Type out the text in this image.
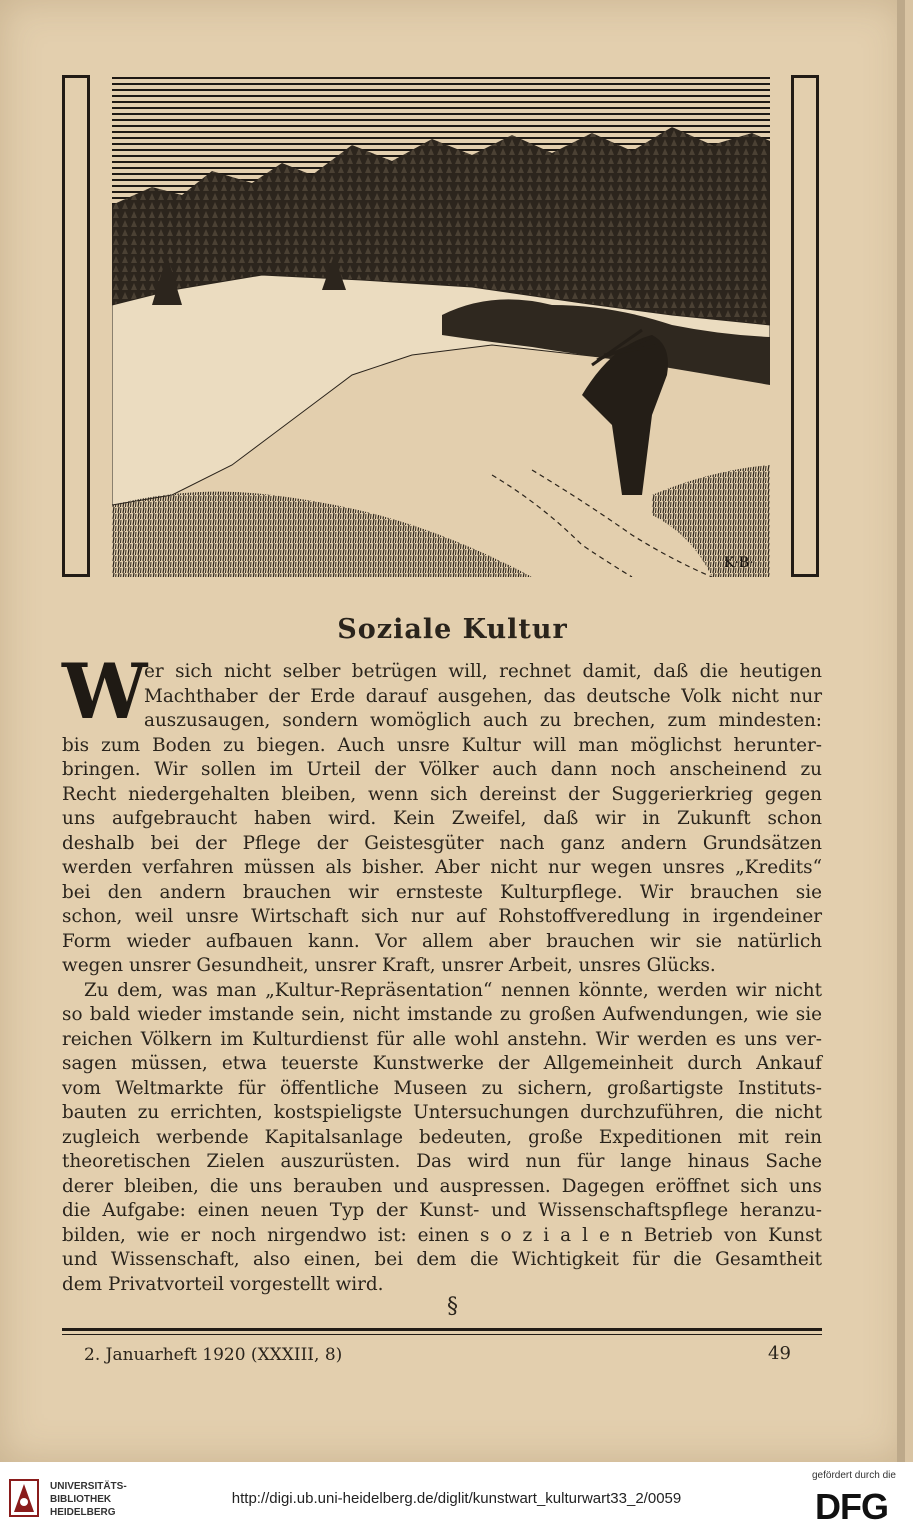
K·B·
Soziale Kultur
W
er sich nicht selber betrügen will, rechnet damit, daß die heutigen
Machthaber der Erde darauf ausgehen, das deutsche Volk nicht nur
auszusaugen, sondern womöglich auch zu brechen, zum mindesten:
bis zum Boden zu biegen. Auch unsre Kultur will man möglichst herunter-
bringen. Wir sollen im Urteil der Völker auch dann noch anscheinend zu
Recht niedergehalten bleiben, wenn sich dereinst der Suggerierkrieg gegen
uns aufgebraucht haben wird. Kein Zweifel, daß wir in Zukunft schon
deshalb bei der Pflege der Geistesgüter nach ganz andern Grundsätzen
werden verfahren müssen als bisher. Aber nicht nur wegen unsres „Kredits“
bei den andern brauchen wir ernsteste Kulturpflege. Wir brauchen sie
schon, weil unsre Wirtschaft sich nur auf Rohstoffveredlung in irgendeiner
Form wieder aufbauen kann. Vor allem aber brauchen wir sie natürlich
wegen unsrer Gesundheit, unsrer Kraft, unsrer Arbeit, unsres Glücks.
Zu dem, was man „Kultur-Repräsentation“ nennen könnte, werden wir nicht
so bald wieder imstande sein, nicht imstande zu großen Aufwendungen, wie sie
reichen Völkern im Kulturdienst für alle wohl anstehn. Wir werden es uns ver-
sagen müssen, etwa teuerste Kunstwerke der Allgemeinheit durch Ankauf
vom Weltmarkte für öffentliche Museen zu sichern, großartigste Instituts-
bauten zu errichten, kostspieligste Untersuchungen durchzuführen, die nicht
zugleich werbende Kapitalsanlage bedeuten, große Expeditionen mit rein
theoretischen Zielen auszurüsten. Das wird nun für lange hinaus Sache
derer bleiben, die uns berauben und auspressen. Dagegen eröffnet sich uns
die Aufgabe: einen neuen Typ der Kunst- und Wissenschaftspflege heranzu-
bilden, wie er noch nirgendwo ist: einen s o z i a l e n Betrieb von Kunst
und Wissenschaft, also einen, bei dem die Wichtigkeit für die Gesamtheit
dem Privatvorteil vorgestellt wird.
§
2. Januarheft 1920 (XXXIII, 8)	49
UNIVERSITÄTS-
BIBLIOTHEK
HEIDELBERG
http://digi.ub.uni-heidelberg.de/diglit/kunstwart_kulturwart33_2/0059
gefördert durch die
DFG
